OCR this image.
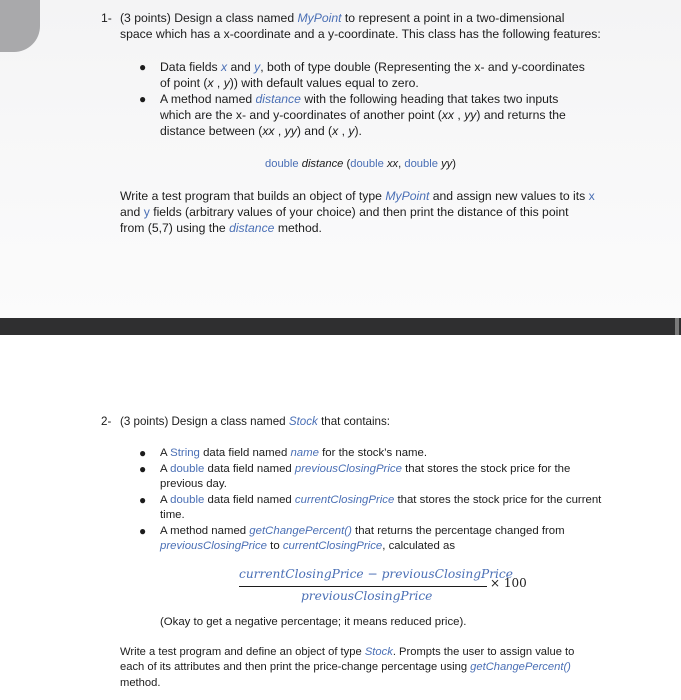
1- (3 points) Design a class named MyPoint to represent a point in a two-dimensional
space which has a x-coordinate and a y-coordinate. This class has the following features:
● Data fields x and y, both of type double (Representing the x- and y-coordinates
of point (x , y)) with default values equal to zero.
● A method named distance with the following heading that takes two inputs
which are the x- and y-coordinates of another point (xx , yy) and returns the
distance between (xx , yy) and (x , y).
double distance (double xx, double yy)
Write a test program that builds an object of type MyPoint and assign new values to its x
and y fields (arbitrary values of your choice) and then print the distance of this point
from (5,7) using the distance method.
2- (3 points) Design a class named Stock that contains:
● A String data field named name for the stock’s name.
● A double data field named previousClosingPrice that stores the stock price for the
previous day.
● A double data field named currentClosingPrice that stores the stock price for the current
time.
● A method named getChangePercent() that returns the percentage changed from
previousClosingPrice to currentClosingPrice, calculated as
currentClosingPrice − previousClosingPrice
previousClosingPrice
× 100
(Okay to get a negative percentage; it means reduced price).
Write a test program and define an object of type Stock. Prompts the user to assign value to
each of its attributes and then print the price-change percentage using getChangePercent()
method.
